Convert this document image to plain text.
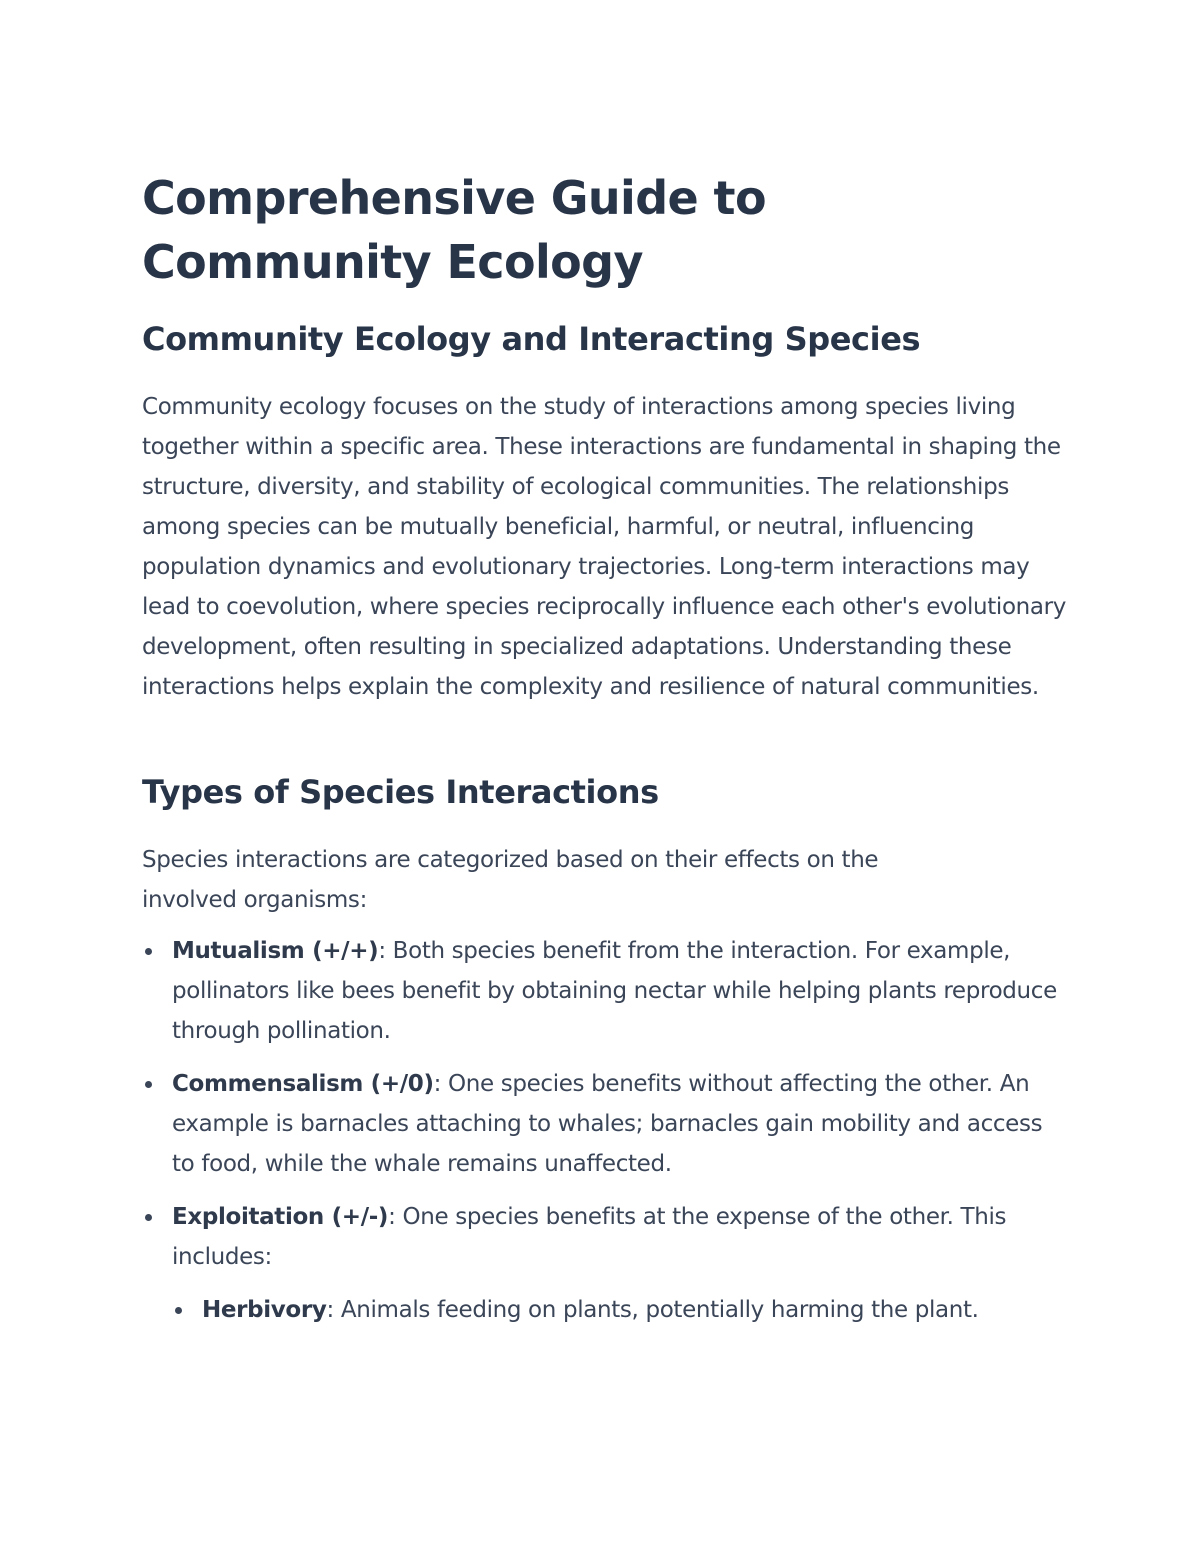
Comprehensive Guide to Community Ecology
Community Ecology and Interacting Species

Community ecology focuses on the study of interactions among species living together within a specific area. These interactions are fundamental in shaping the structure, diversity, and stability of ecological communities. The relationships among species can be mutually beneficial, harmful, or neutral, influencing population dynamics and evolutionary trajectories. Long-term interactions may lead to coevolution, where species reciprocally influence each other's evolutionary development, often resulting in specialized adaptations. Understanding these interactions helps explain the complexity and resilience of natural communities.

Types of Species Interactions

Species interactions are categorized based on their effects on the involved organisms:

Mutualism (+/+): Both species benefit from the interaction. For example, pollinators like bees benefit by obtaining nectar while helping plants reproduce through pollination.
Commensalism (+/0): One species benefits without affecting the other. An example is barnacles attaching to whales; barnacles gain mobility and access to food, while the whale remains unaffected.
Exploitation (+/-): One species benefits at the expense of the other. This includes:
Herbivory: Animals feeding on plants, potentially harming the plant.
